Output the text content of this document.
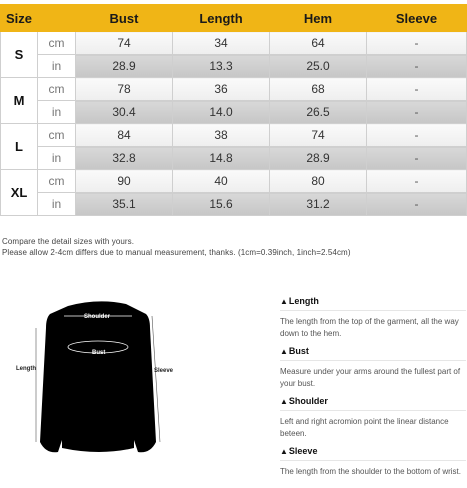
Size		Bust	Length	Hem	Sleeve
S	cm	74	34	64	-
	in	28.9	13.3	25.0	-
M	cm	78	36	68	-
	in	30.4	14.0	26.5	-
L	cm	84	38	74	-
	in	32.8	14.8	28.9	-
XL	cm	90	40	80	-
	in	35.1	15.6	31.2	-
Compare the detail sizes with yours.
Please allow 2-4cm differs due to manual measurement, thanks. (1cm=0.39inch, 1inch=2.54cm)
Shoulder
Bust
Length	Sleeve
▲Length
The length from the top of the garment, all the way down to the hem.
▲Bust
Measure under your arms around the fullest part of your bust.
▲Shoulder
Left and right acromion point the linear distance beteen.
▲Sleeve
The length from the shoulder to the bottom of wrist.
